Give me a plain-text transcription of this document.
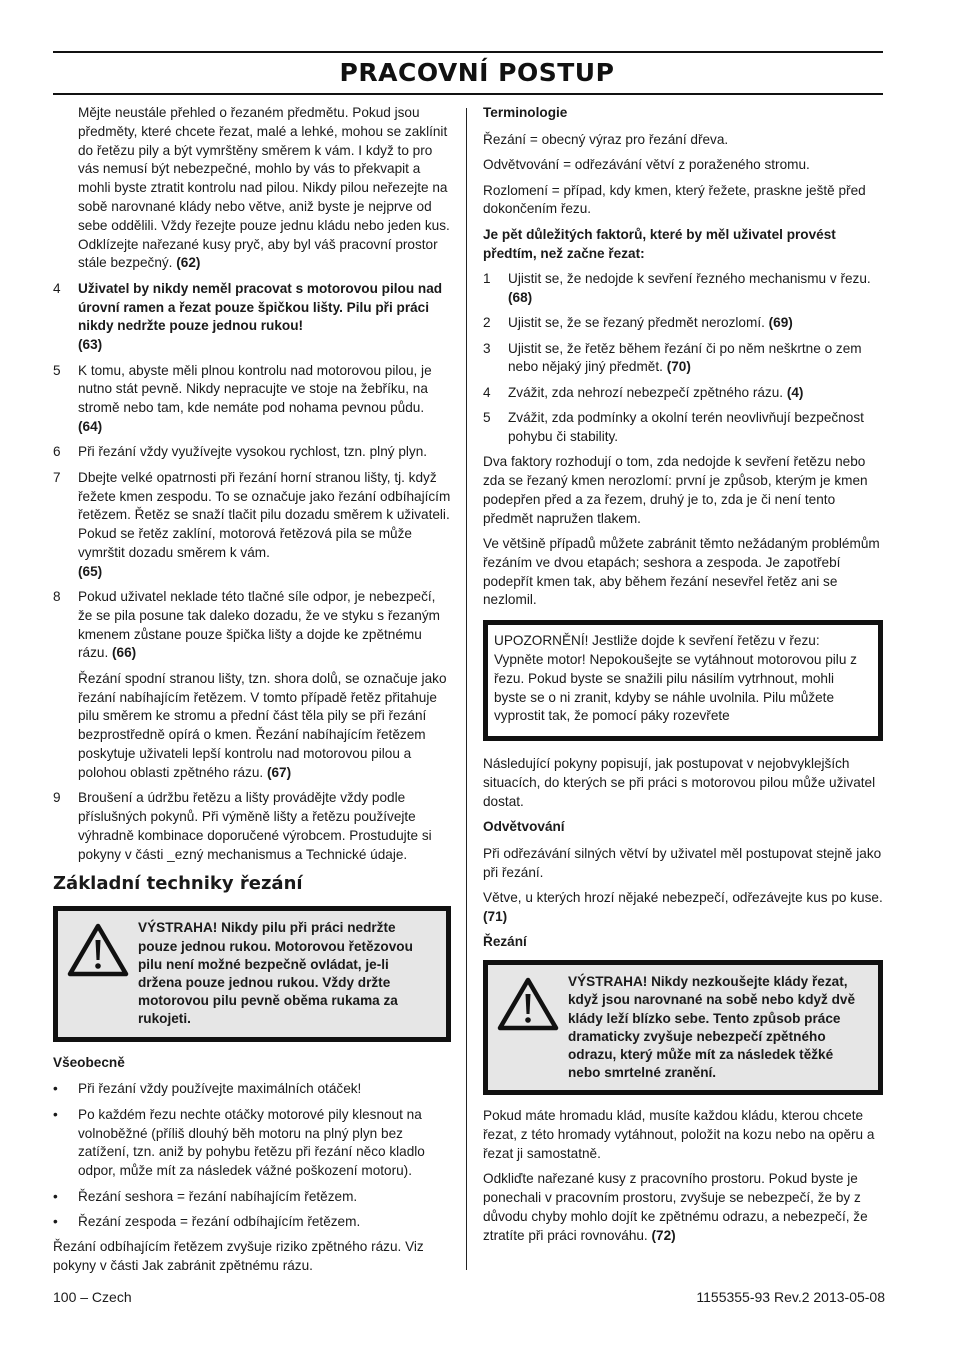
PRACOVNÍ POSTUP

Mějte neustále přehled o řezaném předmětu. Pokud jsou předměty, které chcete řezat, malé a lehké, mohou se zaklínit do řetězu pily a být vymrštěny směrem k vám. I když to pro vás nemusí být nebezpečné, mohlo by vás to překvapit a mohli byste ztratit kontrolu nad pilou. Nikdy pilou neřezejte na sobě narovnané klády nebo větve, aniž byste je nejprve od sebe oddělili. Vždy řezejte pouze jednu kládu nebo jeden kus. Odklízejte nařezané kusy pryč, aby byl váš pracovní prostor stále bezpečný. (62)

4	Uživatel by nikdy neměl pracovat s motorovou pilou nad úrovní ramen a řezat pouze špičkou lišty. Pilu při práci nikdy nedržte pouze jednou rukou!
(63)
5	K tomu, abyste měli plnou kontrolu nad motorovou pilou, je nutno stát pevně. Nikdy nepracujte ve stoje na žebříku, na stromě nebo tam, kde nemáte pod nohama pevnou půdu. (64)
6	Při řezání vždy využívejte vysokou rychlost, tzn. plný plyn.
7	Dbejte velké opatrnosti při řezání horní stranou lišty, tj. když řežete kmen zespodu. To se označuje jako řezání odbíhajícím řetězem. Řetěz se snaží tlačit pilu dozadu směrem k uživateli. Pokud se řetěz zaklíní, motorová řetězová pila se může vymrštit dozadu směrem k vám.
(65)
8	Pokud uživatel neklade této tlačné síle odpor, je nebezpečí, že se pila posune tak daleko dozadu, že ve styku s řezaným kmenem zůstane pouze špička lišty a dojde ke zpětnému rázu. (66)

Řezání spodní stranou lišty, tzn. shora dolů, se označuje jako řezání nabíhajícím řetězem. V tomto případě řetěz přitahuje pilu směrem ke stromu a přední část těla pily se při řezání bezprostředně opírá o kmen. Řezání nabíhajícím řetězem poskytuje uživateli lepší kontrolu nad motorovou pilou a polohou oblasti zpětného rázu. (67)

9	Broušení a údržbu řetězu a lišty provádějte vždy podle příslušných pokynů. Při výměně lišty a řetězu používejte výhradně kombinace doporučené výrobcem. Prostudujte si pokyny v části _ezný mechanismus a Technické údaje.
Základní techniky řezání
VÝSTRAHA! Nikdy pilu při práci nedržte pouze jednou rukou. Motorovou řetězovou pilu není možné bezpečně ovládat, je-li držena pouze jednou rukou. Vždy držte motorovou pilu pevně oběma rukama za rukojeti.
Všeobecně
•	Při řezání vždy používejte maximálních otáček!
•	Po každém řezu nechte otáčky motorové pily klesnout na volnoběžné (příliš dlouhý běh motoru na plný plyn bez zatížení, tzn. aniž by pohybu řetězu při řezání něco kladlo odpor, může mít za následek vážné poškození motoru).
•	Řezání seshora = řezání nabíhajícím řetězem.
•	Řezání zespoda = řezání odbíhajícím řetězem.

Řezání odbíhajícím řetězem zvyšuje riziko zpětného rázu. Viz pokyny v části Jak zabránit zpětnému rázu.

Terminologie

Řezání = obecný výraz pro řezání dřeva.

Odvětvování = odřezávání větví z poraženého stromu.

Rozlomení = případ, kdy kmen, který řežete, praskne ještě před dokončením řezu.

Je pět důležitých faktorů, které by měl uživatel provést předtím, než začne řezat:

1	Ujistit se, že nedojde k sevření řezného mechanismu v řezu. (68)
2	Ujistit se, že se řezaný předmět nerozlomí. (69)
3	Ujistit se, že řetěz během řezání či po něm neškrtne o zem nebo nějaký jiný předmět. (70)
4	Zvážit, zda nehrozí nebezpečí zpětného rázu. (4)
5	Zvážit, zda podmínky a okolní terén neovlivňují bezpečnost pohybu či stability.

Dva faktory rozhodují o tom, zda nedojde k sevření řetězu nebo zda se řezaný kmen nerozlomí: první je způsob, kterým je kmen podepřen před a za řezem, druhý je to, zda je či není tento předmět napružen tlakem.

Ve většině případů můžete zabránit těmto nežádaným problémům řezáním ve dvou etapách; seshora a zespoda. Je zapotřebí podepřít kmen tak, aby během řezání nesevřel řetěz ani se nezlomil.

UPOZORNĚNÍ! Jestliže dojde k sevření řetězu v řezu: Vypněte motor! Nepokoušejte se vytáhnout motorovou pilu z řezu. Pokud byste se snažili pilu násilím vytrhnout, mohli byste se o ni zranit, kdyby se náhle uvolnila. Pilu můžete vyprostit tak, že pomocí páky rozevřete

Následující pokyny popisují, jak postupovat v nejobvyklejších situacích, do kterých se při práci s motorovou pilou může uživatel dostat.

Odvětvování

Při odřezávání silných větví by uživatel měl postupovat stejně jako při řezání.

Větve, u kterých hrozí nějaké nebezpečí, odřezávejte kus po kuse. (71)

Řezání
VÝSTRAHA! Nikdy nezkoušejte klády řezat, když jsou narovnané na sobě nebo když dvě klády leží blízko sebe. Tento způsob práce dramaticky zvyšuje nebezpečí zpětného odrazu, který může mít za následek těžké nebo smrtelné zranění.

Pokud máte hromadu klád, musíte každou kládu, kterou chcete řezat, z této hromady vytáhnout, položit na kozu nebo na opěru a řezat ji samostatně.

Odkliďte nařezané kusy z pracovního prostoru. Pokud byste je ponechali v pracovním prostoru, zvyšuje se nebezpečí, že by z důvodu chyby mohlo dojít ke zpětnému odrazu, a nebezpečí, že ztratíte při práci rovnováhu. (72)

100 – Czech	1155355-93 Rev.2 2013-05-08
